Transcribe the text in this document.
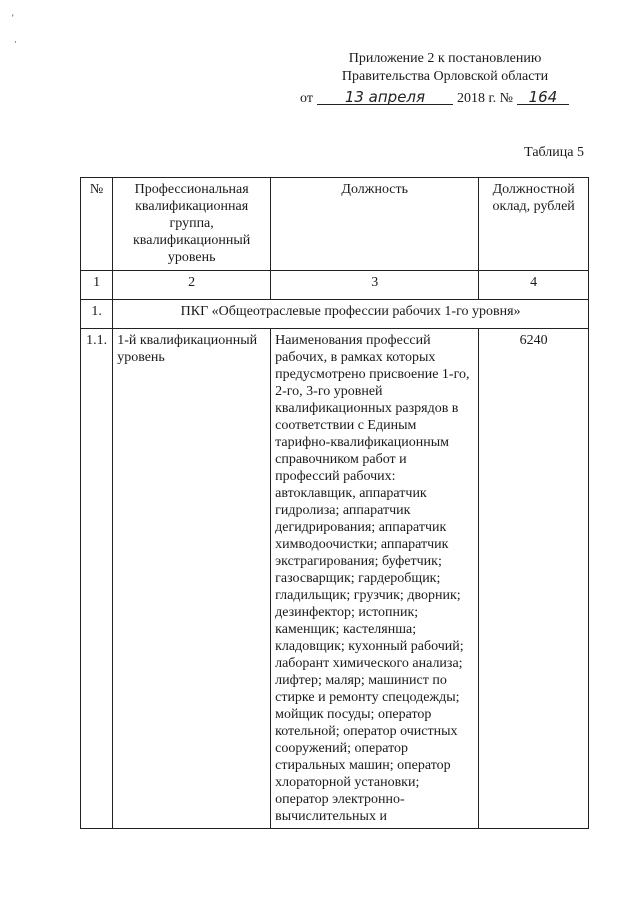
'
·
Приложение 2 к постановлению
Правительства Орловской области
от	13 апреля	2018 г. №	164
Таблица 5
№	Профессиональная квалификационная группа, квалификационный уровень	Должность	Должностной оклад, рублей
1	2	3	4
1.	ПКГ «Общеотраслевые профессии рабочих 1-го уровня»		
1.1.	1-й квалификационный уровень	Наименования профессий рабочих, в рамках которых предусмотрено присвоение 1-го, 2-го, 3-го уровней квалификационных разрядов в соответствии с Единым тарифно-квалификационным справочником работ и профессий рабочих: автоклавщик, аппаратчик гидролиза; аппаратчик дегидрирования; аппаратчик химводоочистки; аппаратчик экстрагирования; буфетчик; газосварщик; гардеробщик; гладильщик; грузчик; дворник; дезинфектор; истопник; каменщик; кастелянша; кладовщик; кухонный рабочий; лаборант химического анализа; лифтер; маляр; машинист по стирке и ремонту спецодежды; мойщик посуды; оператор котельной; оператор очистных сооружений; оператор стиральных машин; оператор хлораторной установки; оператор электронно-вычислительных и	6240
